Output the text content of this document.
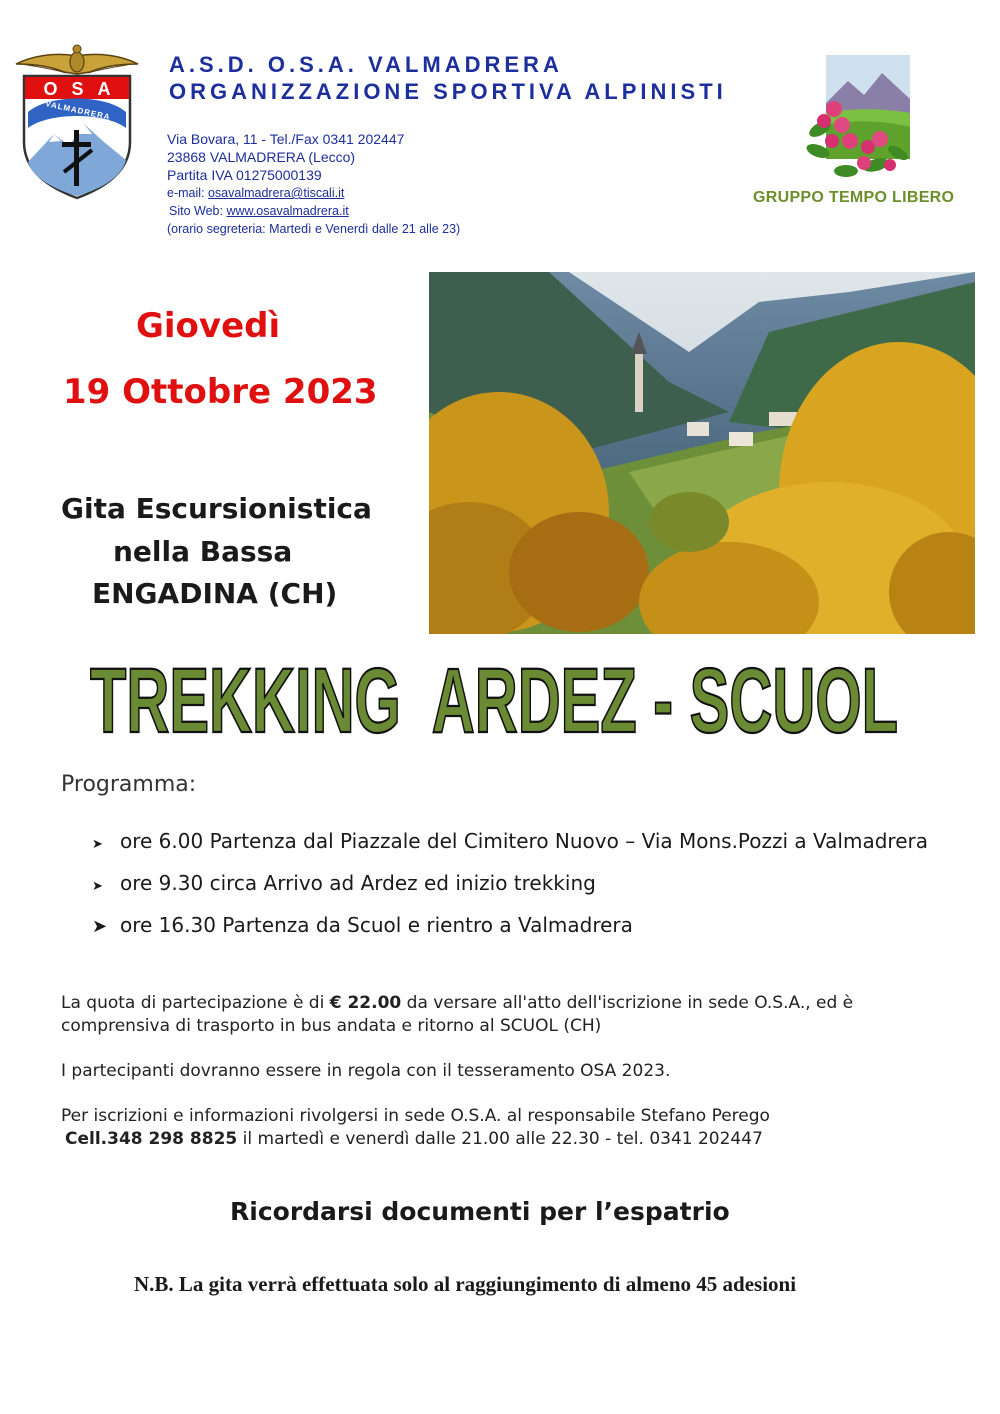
OSA
VALMADRERA
A.S.D. O.S.A. VALMADRERA
ORGANIZZAZIONE SPORTIVA ALPINISTI
Via Bovara, 11 - Tel./Fax 0341 202447
23868 VALMADRERA (Lecco)
Partita IVA 01275000139
e-mail: osavalmadrera@tiscali.it
Sito Web: www.osavalmadrera.it
(orario segreteria: Martedì e Venerdì dalle 21 alle 23)
GRUPPO TEMPO LIBERO
Giovedì
19 Ottobre 2023
Gita Escursionistica
nella Bassa
ENGADINA (CH)
TREKKING  ARDEZ - SCUOL
Programma:
➤ ore 6.00 Partenza dal Piazzale del Cimitero Nuovo – Via Mons.Pozzi a Valmadrera
➤ ore 9.30 circa Arrivo ad Ardez ed inizio trekking
➤ ore 16.30 Partenza da Scuol e rientro a Valmadrera
La quota di partecipazione è di € 22.00 da versare all'atto dell'iscrizione in sede O.S.A., ed è
comprensiva di trasporto in bus andata e ritorno al SCUOL (CH)
I partecipanti dovranno essere in regola con il tesseramento OSA 2023.
Per iscrizioni e informazioni rivolgersi in sede O.S.A. al responsabile Stefano Perego
Cell.348 298 8825 il martedì e venerdì dalle 21.00 alle 22.30 - tel. 0341 202447
Ricordarsi documenti per l’espatrio
N.B. La gita verrà effettuata solo al raggiungimento di almeno 45 adesioni
